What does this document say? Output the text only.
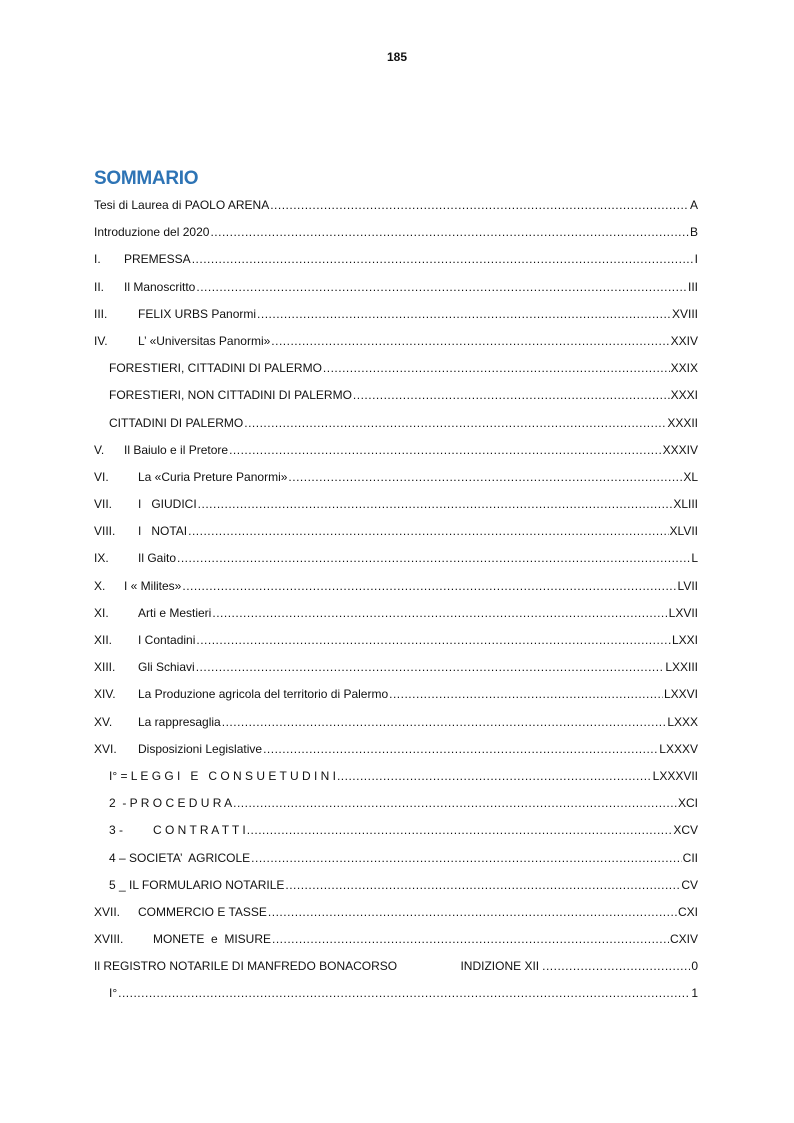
185
SOMMARIO
Tesi di Laurea di PAOLO ARENA .....	A
Introduzione del 2020 .....	B
I.	PREMESSA .....	I
II.	Il Manoscritto .....	III
III.	FELIX URBS Panormi .....	XVIII
IV.	L’ «Universitas Panormi» .....	XXIV
FORESTIERI, CITTADINI DI PALERMO .....	XXIX
FORESTIERI, NON CITTADINI DI PALERMO .....	XXXI
CITTADINI DI PALERMO .....	XXXII
V.	Il Baiulo e il Pretore .....	XXXIV
VI.	La «Curia Preture Panormi» .....	XL
VII.	I   GIUDICI .....	XLIII
VIII.	I   NOTAI .....	XLVII
IX.	Il Gaito .....	L
X.	I « Milites» .....	LVII
XI.	Arti e Mestieri .....	LXVII
XII.	I Contadini .....	LXXI
XIII.	Gli Schiavi .....	LXXIII
XIV.	La Produzione agricola del territorio di Palermo .....	LXXVI
XV.	La rappresaglia .....	LXXX
XVI.	Disposizioni Legislative .....	LXXXV
I° = L E G G I   E   C O N S U E T U D I N I .....	LXXXVII
2  - P R O C E D U R A .....	XCI
3 -         C O N T R A T T I .....	XCV
4 – SOCIETA’  AGRICOLE .....	CII
5 _ IL FORMULARIO NOTARILE .....	CV
XVII.	COMMERCIO E TASSE .....	CXI
XVIII.	MONETE  e  MISURE .....	CXIV
Il REGISTRO NOTARILE DI MANFREDO BONACORSO	INDIZIONE XII .....	0
I° .....	1
